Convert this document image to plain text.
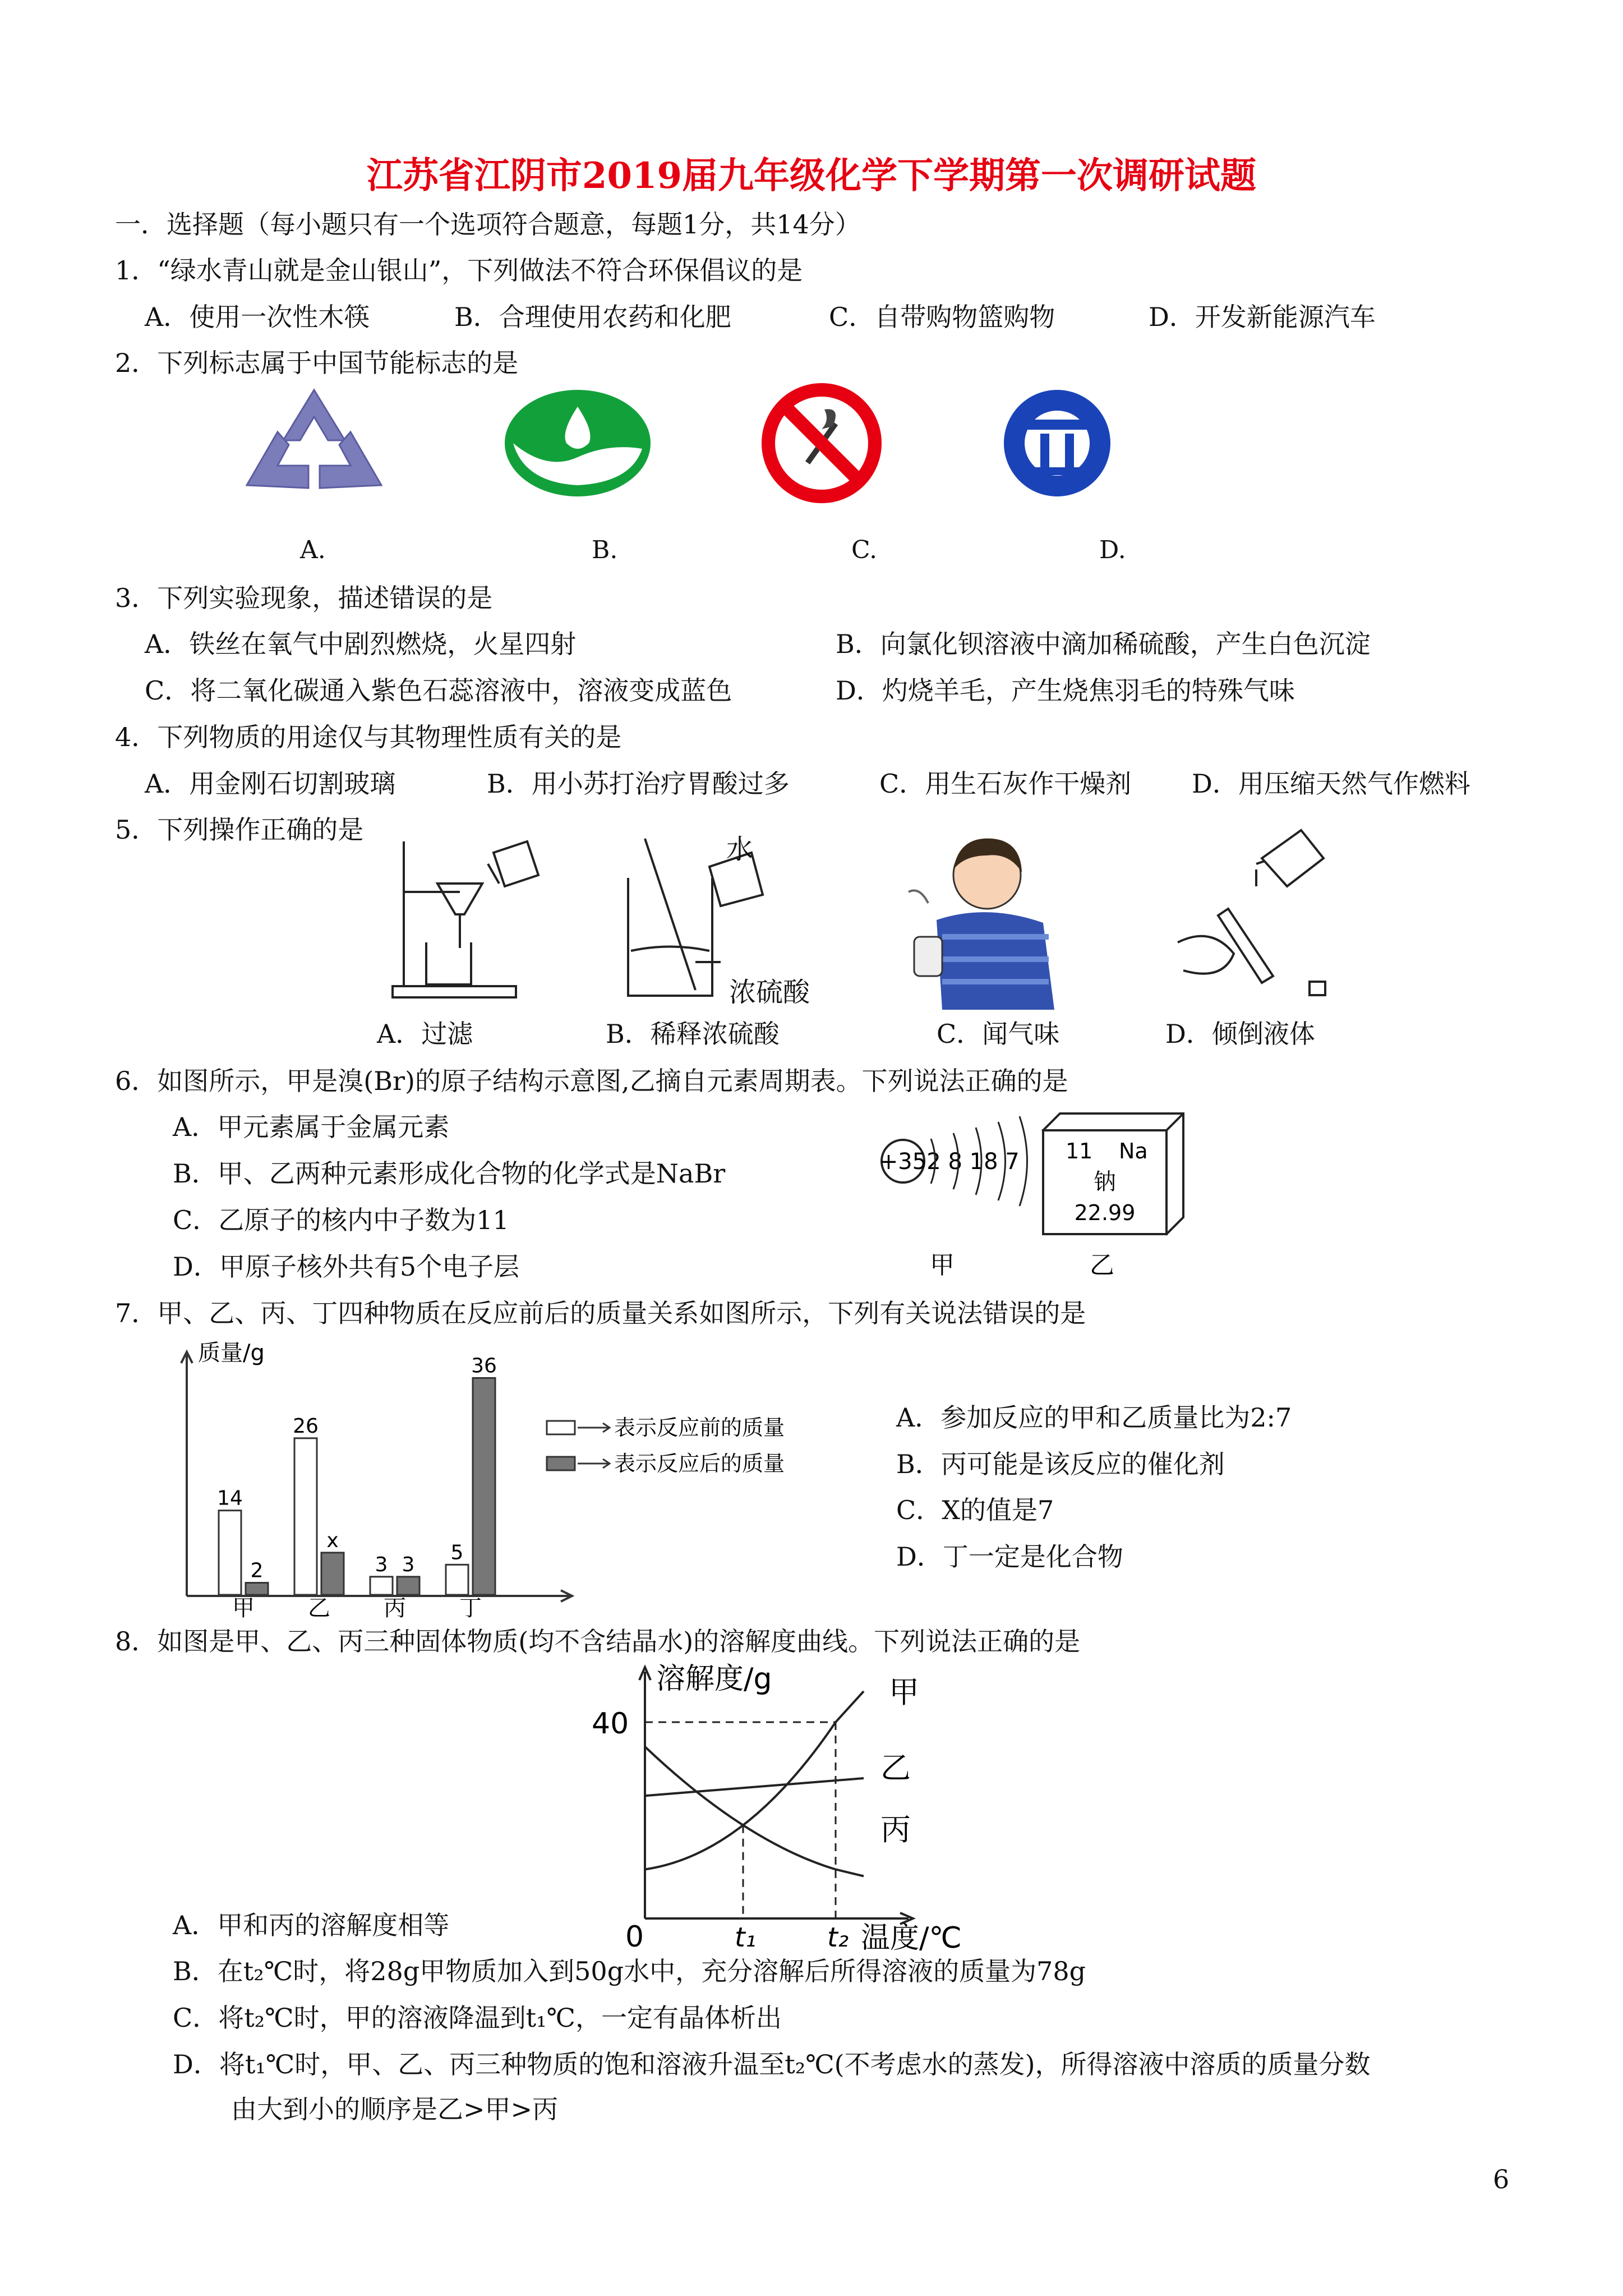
江苏省江阴市2019届九年级化学下学期第一次调研试题
一．选择题（每小题只有一个选项符合题意，每题1分，共14分）
1．“绿水青山就是金山银山”，下列做法不符合环保倡议的是
A．使用一次性木筷	B．合理使用农药和化肥	C．自带购物篮购物	D．开发新能源汽车
2．下列标志属于中国节能标志的是
A.	B.	C.	D.
3．下列实验现象，描述错误的是
A．铁丝在氧气中剧烈燃烧，火星四射	B．向氯化钡溶液中滴加稀硫酸，产生白色沉淀
C．将二氧化碳通入紫色石蕊溶液中，溶液变成蓝色	D．灼烧羊毛，产生烧焦羽毛的特殊气味
4．下列物质的用途仅与其物理性质有关的是
A．用金刚石切割玻璃	B．用小苏打治疗胃酸过多	C．用生石灰作干燥剂 D．用压缩天然气作燃料
5．下列操作正确的是
水
浓硫酸
A．过滤	B．稀释浓硫酸	C．闻气味	D．倾倒液体
6．如图所示，甲是溴(Br)的原子结构示意图,乙摘自元素周期表。下列说法正确的是
A．甲元素属于金属元素
B．甲、乙两种元素形成化合物的化学式是NaBr
C．乙原子的核内中子数为11
D．甲原子核外共有5个电子层
+35 2 8 18 7
甲
11 Na
钠
22.99
乙
7．甲、乙、丙、丁四种物质在反应前后的质量关系如图所示，下列有关说法错误的是
质量/g
14
2
甲
26
x
乙
3 3
丙
5
36
丁
表示反应前的质量
表示反应后的质量
A．参加反应的甲和乙质量比为2:7
B．丙可能是该反应的催化剂
C．X的值是7
D．丁一定是化合物
8．如图是甲、乙、丙三种固体物质(均不含结晶水)的溶解度曲线。下列说法正确的是
溶解度/g
40
0	t₁	t₂ 温度/℃
甲
乙
丙
A．甲和丙的溶解度相等
B．在t₂℃时，将28g甲物质加入到50g水中，充分溶解后所得溶液的质量为78g
C．将t₂℃时，甲的溶液降温到t₁℃，一定有晶体析出
D．将t₁℃时，甲、乙、丙三种物质的饱和溶液升温至t₂℃(不考虑水的蒸发)，所得溶液中溶质的质量分数
由大到小的顺序是乙>甲>丙
6
